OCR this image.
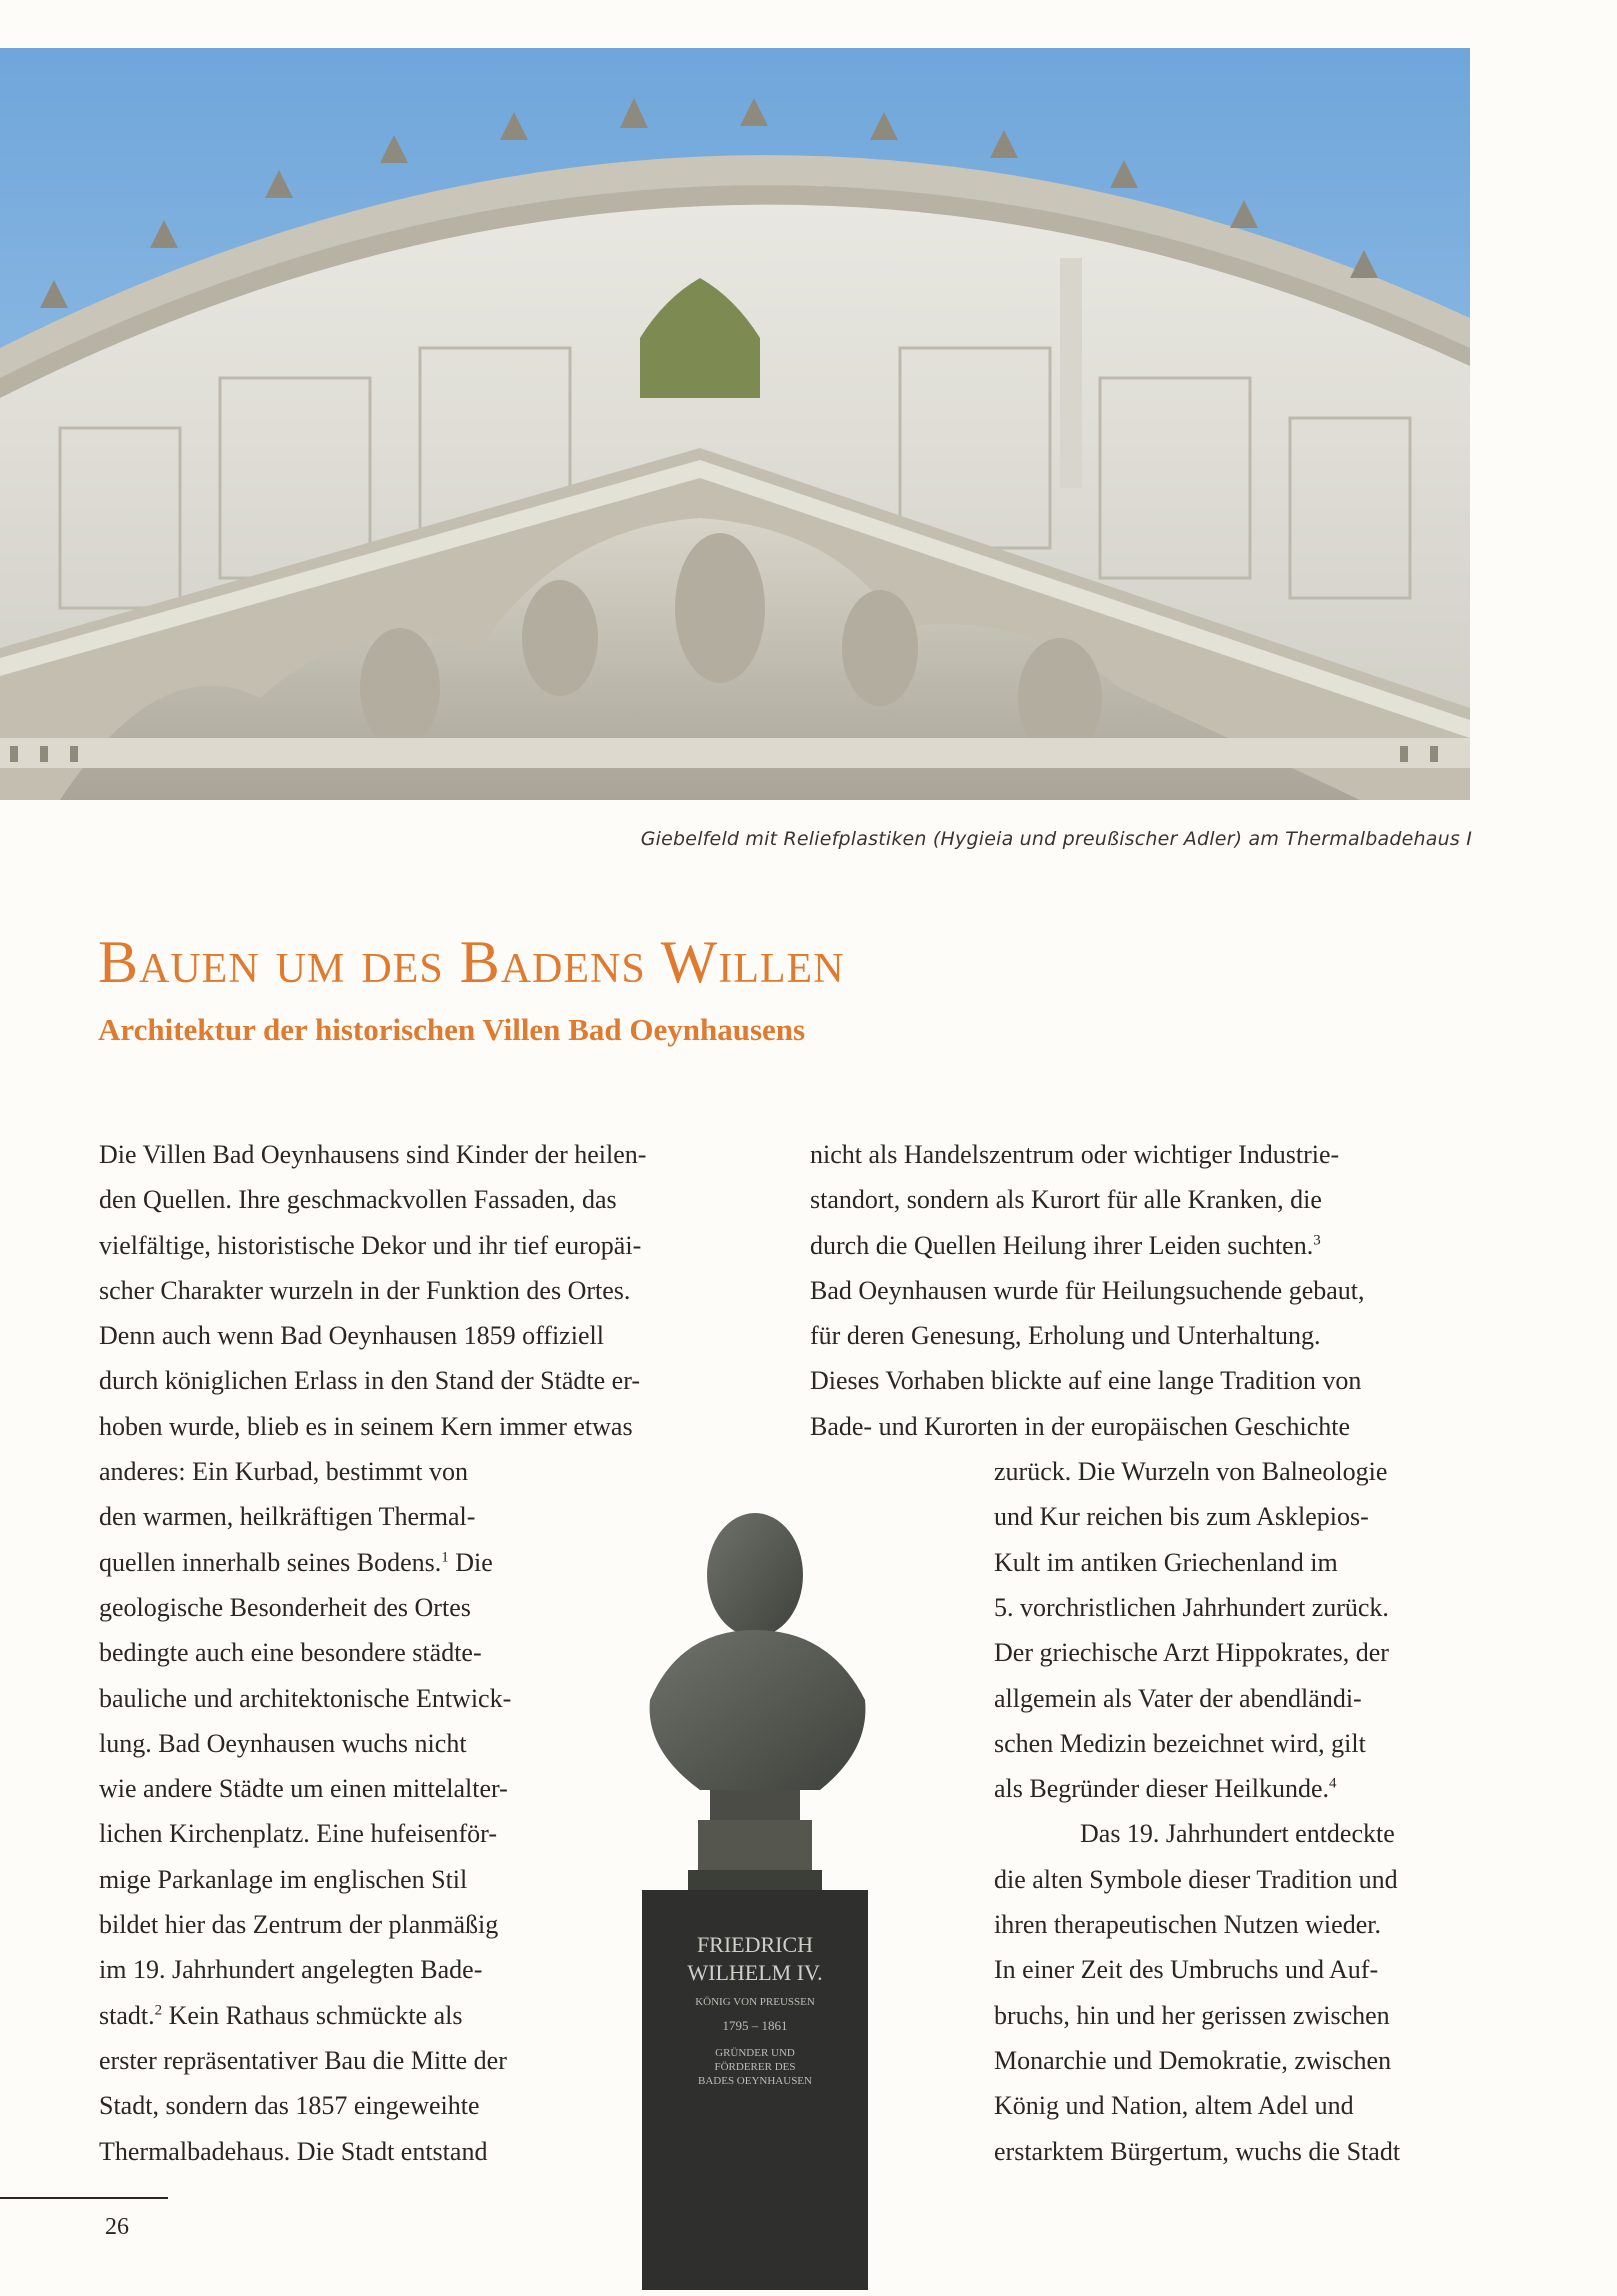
Giebelfeld mit Reliefplastiken (Hygieia und preußischer Adler) am Thermalbadehaus I
Bauen um des Badens Willen
Architektur der historischen Villen Bad Oeynhausens
Die Villen Bad Oeynhausens sind Kinder der heilen-
den Quellen. Ihre geschmackvollen Fassaden, das
vielfältige, historistische Dekor und ihr tief europäi-
scher Charakter wurzeln in der Funktion des Ortes.
Denn auch wenn Bad Oeynhausen 1859 offiziell
durch königlichen Erlass in den Stand der Städte er-
hoben wurde, blieb es in seinem Kern immer etwas
anderes: Ein Kurbad, bestimmt von
den warmen, heilkräftigen Thermal-
quellen innerhalb seines Bodens.$^1$ Die
geologische Besonderheit des Ortes
bedingte auch eine besondere städte-
bauliche und architektonische Entwick-
lung. Bad Oeynhausen wuchs nicht
wie andere Städte um einen mittelalter-
lichen Kirchenplatz. Eine hufeisenför-
mige Parkanlage im englischen Stil
bildet hier das Zentrum der planmäßig
im 19. Jahrhundert angelegten Bade-
stadt.$^2$ Kein Rathaus schmückte als
erster repräsentativer Bau die Mitte der
Stadt, sondern das 1857 eingeweihte
Thermalbadehaus. Die Stadt entstand
nicht als Handelszentrum oder wichtiger Industrie-
standort, sondern als Kurort für alle Kranken, die
durch die Quellen Heilung ihrer Leiden suchten.$^3$
Bad Oeynhausen wurde für Heilungsuchende gebaut,
für deren Genesung, Erholung und Unterhaltung.
Dieses Vorhaben blickte auf eine lange Tradition von
Bade- und Kurorten in der europäischen Geschichte
zurück. Die Wurzeln von Balneologie
und Kur reichen bis zum Asklepios-
Kult im antiken Griechenland im
5. vorchristlichen Jahrhundert zurück.
Der griechische Arzt Hippokrates, der
allgemein als Vater der abendländi-
schen Medizin bezeichnet wird, gilt
als Begründer dieser Heilkunde.$^4$
Das 19. Jahrhundert entdeckte
die alten Symbole dieser Tradition und
ihren therapeutischen Nutzen wieder.
In einer Zeit des Umbruchs und Auf-
bruchs, hin und her gerissen zwischen
Monarchie und Demokratie, zwischen
König und Nation, altem Adel und
erstarktem Bürgertum, wuchs die Stadt
FRIEDRICH
WILHELM IV.
KÖNIG VON PREUSSEN
1795 – 1861
GRÜNDER UND
FÖRDERER DES
BADES OEYNHAUSEN
26
